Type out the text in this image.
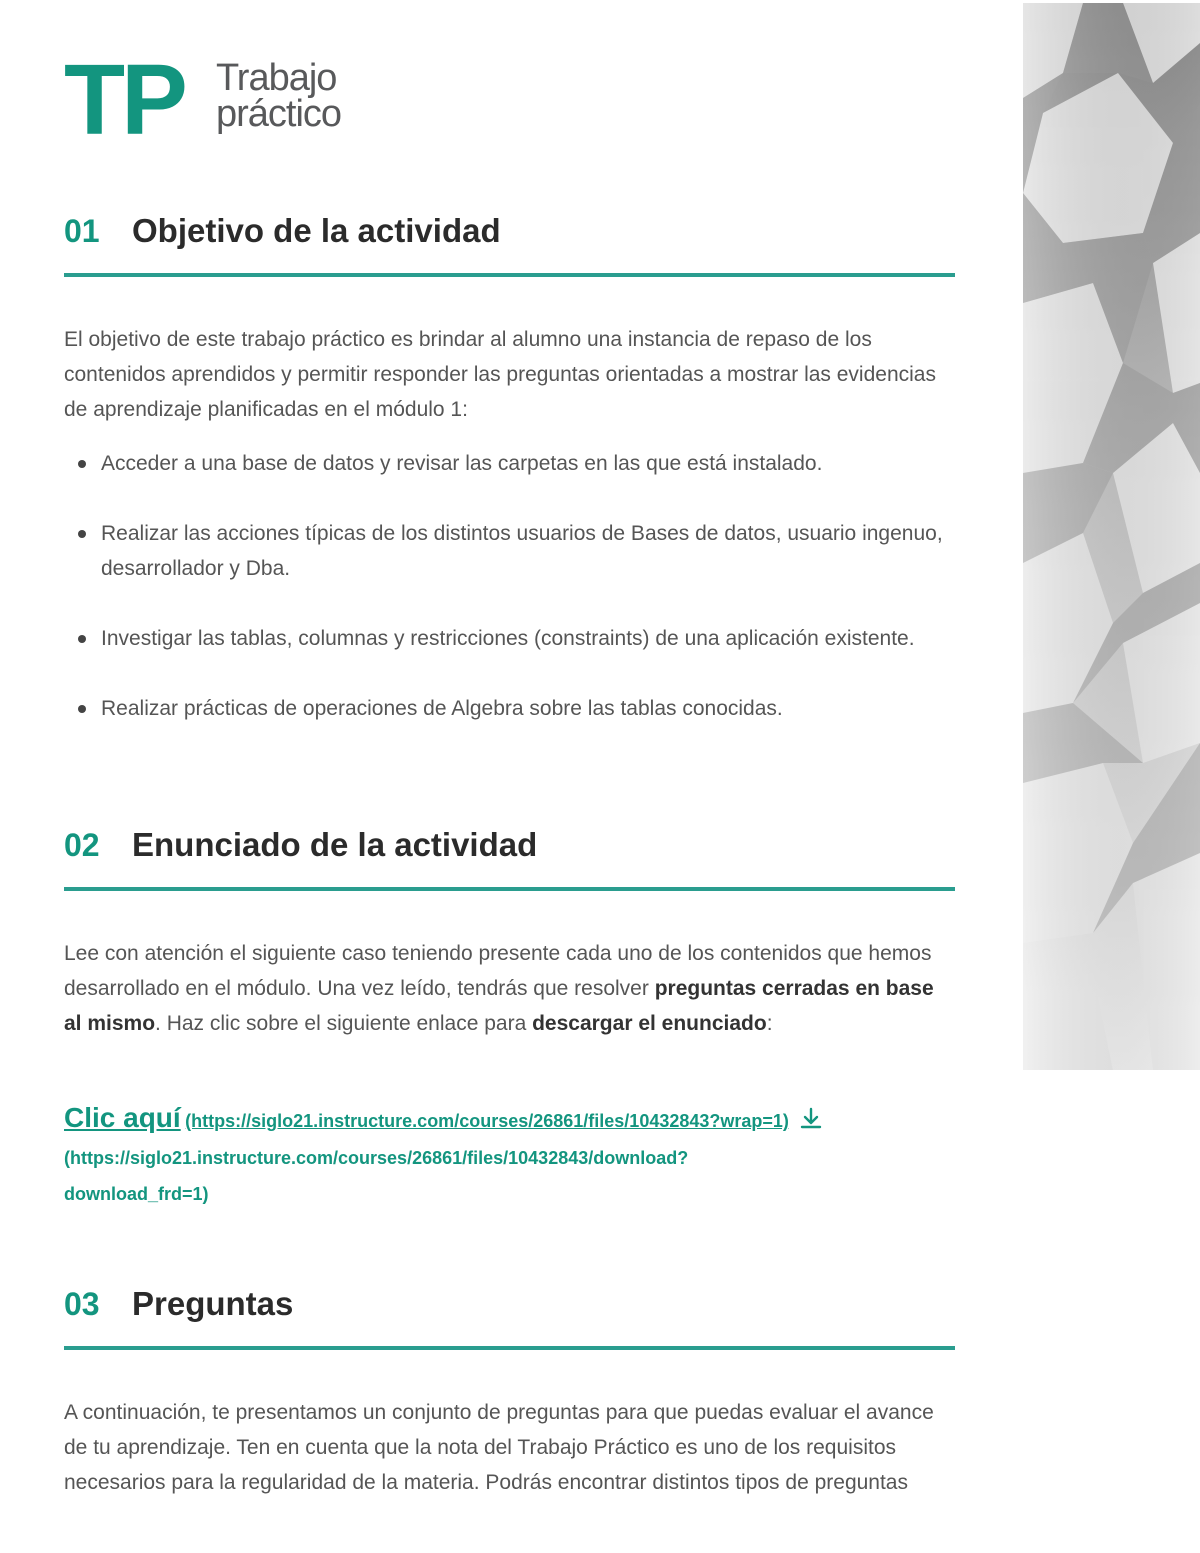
TP Trabajo
práctico
01 Objetivo de la actividad

El objetivo de este trabajo práctico es brindar al alumno una instancia de repaso de los contenidos aprendidos y permitir responder las preguntas orientadas a mostrar las evidencias de aprendizaje planificadas en el módulo 1:

Acceder a una base de datos y revisar las carpetas en las que está instalado.
Realizar las acciones típicas de los distintos usuarios de Bases de datos, usuario ingenuo, desarrollador y Dba.
Investigar las tablas, columnas y restricciones (constraints) de una aplicación existente.
Realizar prácticas de operaciones de Algebra sobre las tablas conocidas.
02 Enunciado de la actividad

Lee con atención el siguiente caso teniendo presente cada uno de los contenidos que hemos desarrollado en el módulo. Una vez leído, tendrás que resolver preguntas cerradas en base al mismo. Haz clic sobre el siguiente enlace para descargar el enunciado:

Clic aquí (https://siglo21.instructure.com/courses/26861/files/10432843?wrap=1)

(https://siglo21.instructure.com/courses/26861/files/10432843/download?

download_frd=1)

03 Preguntas

A continuación, te presentamos un conjunto de preguntas para que puedas evaluar el avance de tu aprendizaje. Ten en cuenta que la nota del Trabajo Práctico es uno de los requisitos necesarios para la regularidad de la materia. Podrás encontrar distintos tipos de preguntas
